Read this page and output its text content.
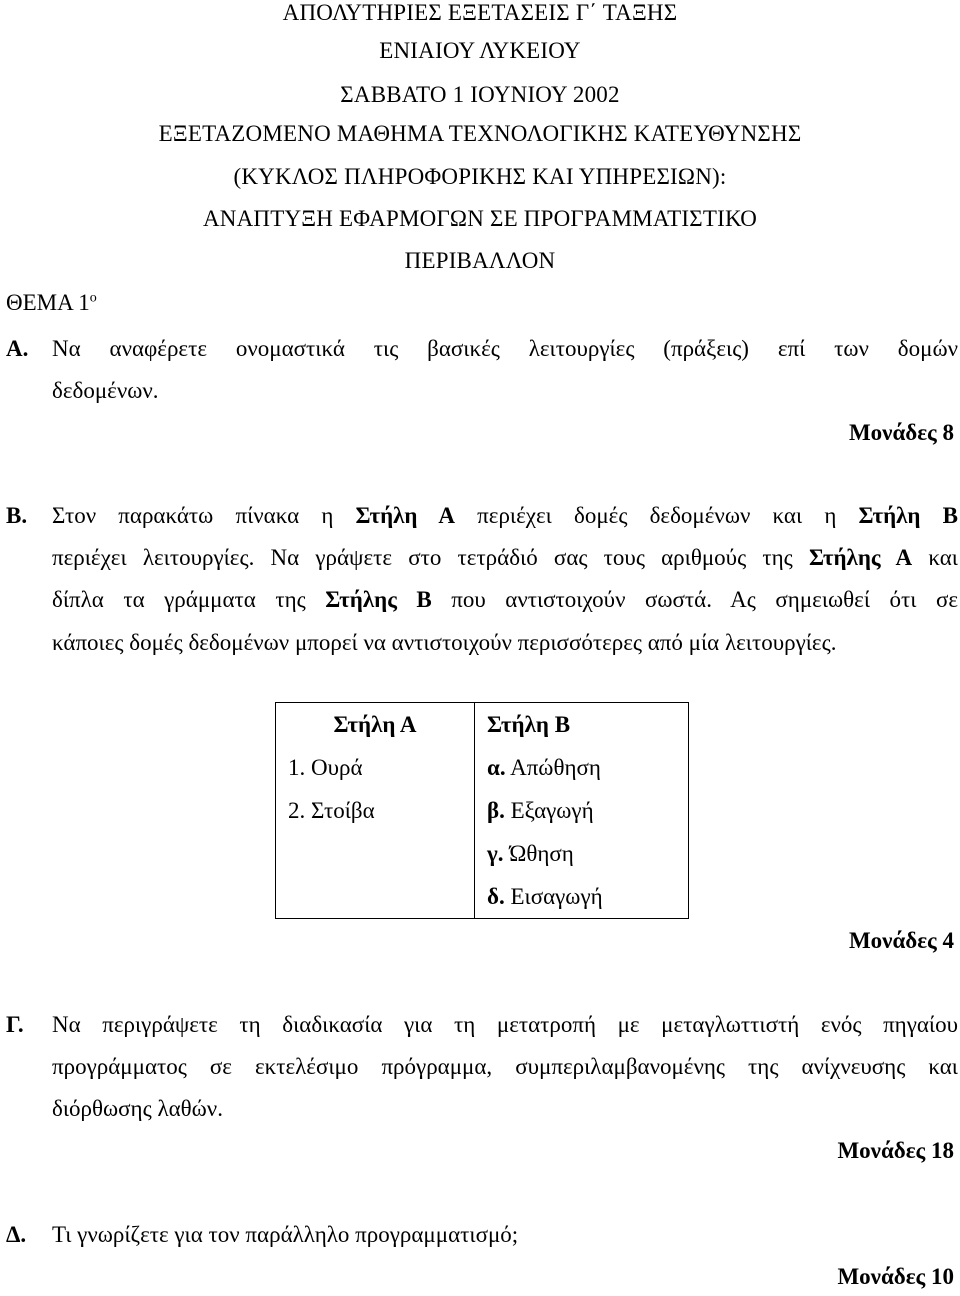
ΑΠΟΛΥΤΗΡΙΕΣ ΕΞΕΤΑΣΕΙΣ Γ΄ ΤΑΞΗΣ
ΕΝΙΑΙΟΥ ΛΥΚΕΙΟΥ
ΣΑΒΒΑΤΟ 1 ΙΟΥΝΙΟΥ 2002
ΕΞΕΤΑΖΟΜΕΝΟ ΜΑΘΗΜΑ ΤΕΧΝΟΛΟΓΙΚΗΣ ΚΑΤΕΥΘΥΝΣΗΣ
(ΚΥΚΛΟΣ ΠΛΗΡΟΦΟΡΙΚΗΣ ΚΑΙ ΥΠΗΡΕΣΙΩΝ):
ΑΝΑΠΤΥΞΗ ΕΦΑΡΜΟΓΩΝ ΣΕ ΠΡΟΓΡΑΜΜΑΤΙΣΤΙΚΟ
ΠΕΡΙΒΑΛΛΟΝ
ΘΕΜΑ $1^o$
Α. Να αναφέρετε ονομαστικά τις βασικές λειτουργίες (πράξεις) επί των δομών
δεδομένων.
Μονάδες 8
Β. Στον παρακάτω πίνακα η Στήλη Α περιέχει δομές δεδομένων και η Στήλη Β
περιέχει λειτουργίες. Να γράψετε στο τετράδιό σας τους αριθμούς της Στήλης Α και
δίπλα τα γράμματα της Στήλης Β που αντιστοιχούν σωστά. Ας σημειωθεί ότι σε
κάποιες δομές δεδομένων μπορεί να αντιστοιχούν περισσότερες από μία λειτουργίες.
Στήλη Α	Στήλη Β
1. Ουρά	α. Απώθηση
2. Στοίβα	β. Εξαγωγή
	γ. Ώθηση
	δ. Εισαγωγή
Μονάδες 4
Γ. Να περιγράψετε τη διαδικασία για τη μετατροπή με μεταγλωττιστή ενός πηγαίου
προγράμματος σε εκτελέσιμο πρόγραμμα, συμπεριλαμβανομένης της ανίχνευσης και
διόρθωσης λαθών.
Μονάδες 18
Δ. Τι γνωρίζετε για τον παράλληλο προγραμματισμό;
Μονάδες 10
